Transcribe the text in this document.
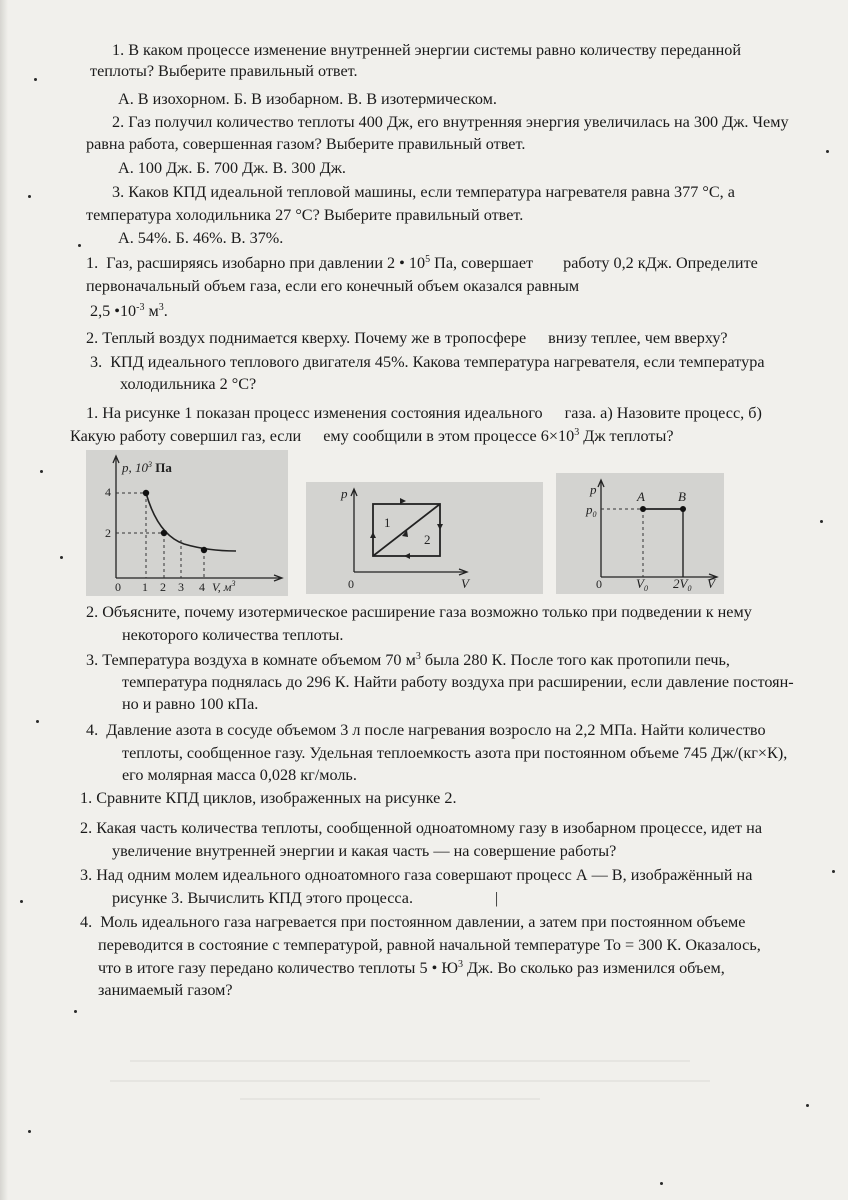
1. В каком процессе изменение внутренней энергии системы равно количеству переданной
теплоты? Выберите правильный ответ.
А. В изохорном. Б. В изобарном. В. В изотермическом.
2. Газ получил количество теплоты 400 Дж, его внутренняя энергия увеличилась на 300 Дж. Чему
равна работа, совершенная газом? Выберите правильный ответ.
А. 100 Дж. Б. 700 Дж. В. 300 Дж.
3. Каков КПД идеальной тепловой машины, если температура нагревателя равна 377 °С, а
температура холодильника 27 °С? Выберите правильный ответ.
А. 54%. Б. 46%. В. 37%.
1. Газ, расширяясь изобарно при давлении 2 • $10^5$ Па, совершает работу 0,2 кДж. Определите
первоначальный объем газа, если его конечный объем оказался равным
2,5 $•10^{-3}$ $м^3$.
2. Теплый воздух поднимается кверху. Почему же в тропосфере внизу теплее, чем вверху?
3. КПД идеального теплового двигателя 45%. Какова температура нагревателя, если температура
холодильника 2 °С?
1. На рисунке 1 показан процесс изменения состояния идеального газа. а) Назовите процесс, б)
Какую работу совершил газ, если ему сообщили в этом процессе $6\times 10^3$ Дж теплоты?
p, $10^3$ Па
4
2
0 1 2 3 4 V, $м^3$
p
V
0
1
2
p
$p_0$
A	B
0	$V_0$ $2V_0$ V
2. Объясните, почему изотермическое расширение газа возможно только при подведении к нему
некоторого количества теплоты.
3. Температура воздуха в комнате объемом 70 $м^3$ была 280 К. После того как протопили печь,
температура поднялась до 296 К. Найти работу воздуха при расширении, если давление постоян-
но и равно 100 кПа.
4. Давление азота в сосуде объемом 3 л после нагревания возросло на 2,2 МПа. Найти количество
теплоты, сообщенное газу. Удельная теплоемкость азота при постоянном объеме 745 Дж/(кг×К),
его молярная масса 0,028 кг/моль.
1. Сравните КПД циклов, изображенных на рисунке 2.
2. Какая часть количества теплоты, сообщенной одноатомному газу в изобарном процессе, идет на
увеличение внутренней энергии и какая часть — на совершение работы?
3. Над одним молем идеального одноатомного газа совершают процесс А — В, изображённый на
рисунке 3. Вычислить КПД этого процесса.	|
4. Моль идеального газа нагревается при постоянном давлении, а затем при постоянном объеме
переводится в состояние с температурой, равной начальной температуре То = 300 К. Оказалось,
что в итоге газу передано количество теплоты 5 • $Ю^3$ Дж. Во сколько раз изменился объем,
занимаемый газом?
